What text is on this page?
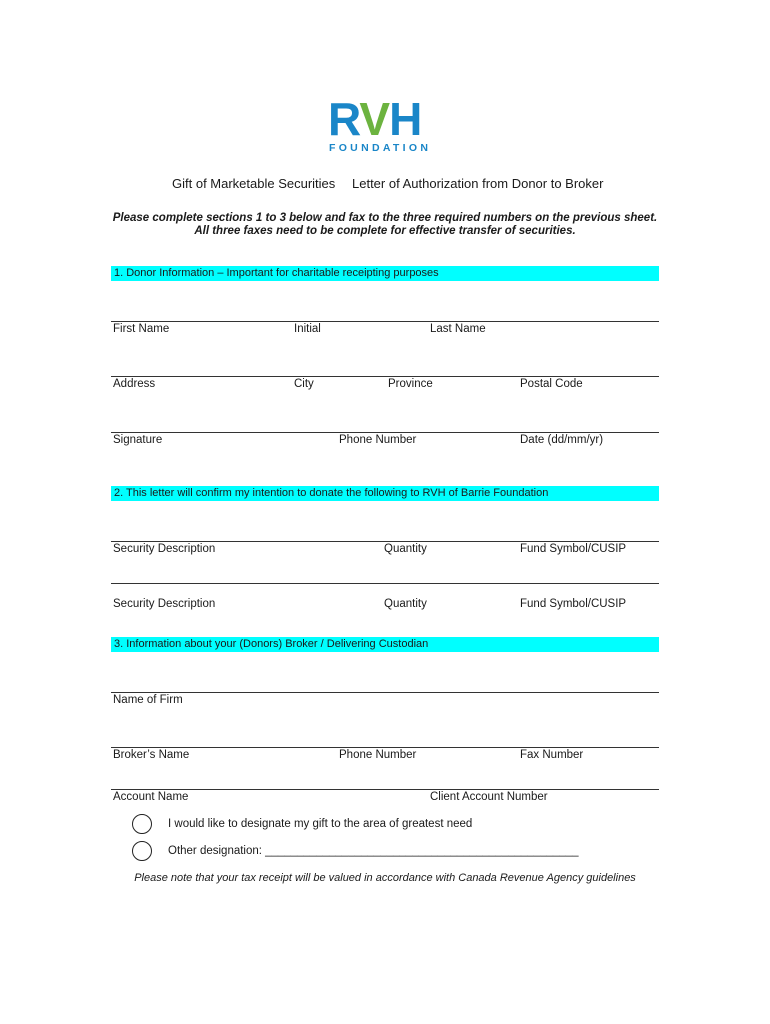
RVH
FOUNDATION
Gift of Marketable Securities Letter of Authorization from Donor to Broker
Please complete sections 1 to 3 below and fax to the three required numbers on the previous sheet.
All three faxes need to be complete for effective transfer of securities.
1. Donor Information – Important for charitable receipting purposes
First Name	Initial	Last Name
Address	City	Province	Postal Code
Signature	Phone Number	Date (dd/mm/yr)
2. This letter will confirm my intention to donate the following to RVH of Barrie Foundation
Security Description	Quantity	Fund Symbol/CUSIP
Security Description	Quantity	Fund Symbol/CUSIP
3. Information about your (Donors) Broker / Delivering Custodian
Name of Firm
Broker’s Name	Phone Number	Fax Number
Account Name	Client Account Number
I would like to designate my gift to the area of greatest need
Other designation: _________________________________________________
Please note that your tax receipt will be valued in accordance with Canada Revenue Agency guidelines
